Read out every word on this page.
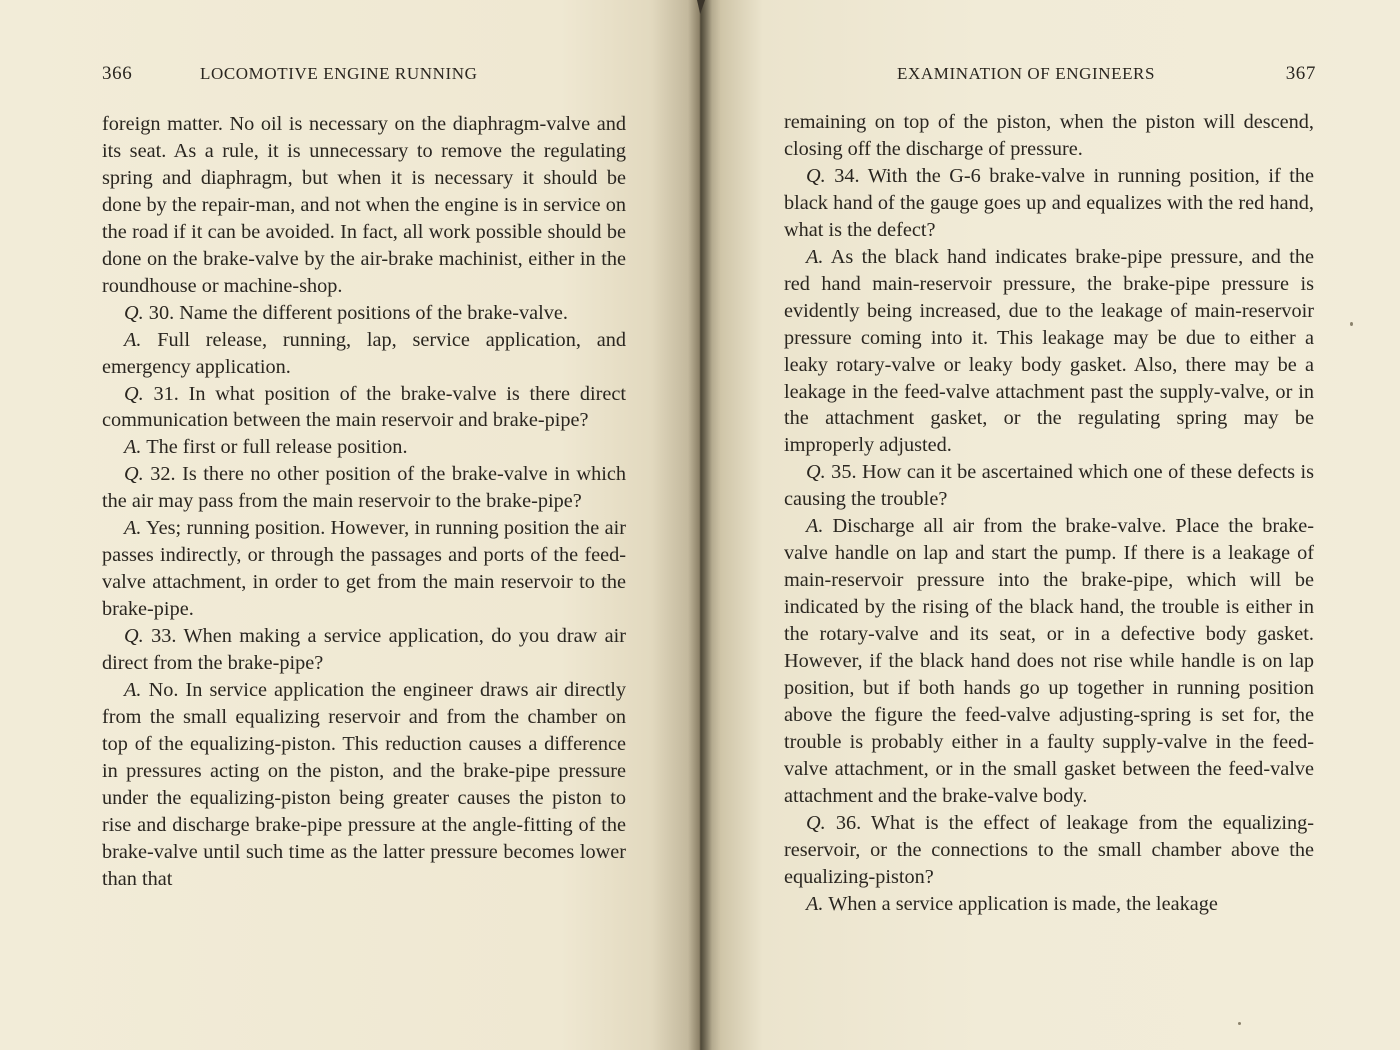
366	LOCOMOTIVE ENGINE RUNNING

foreign matter. No oil is necessary on the diaphragm-valve and its seat. As a rule, it is unnecessary to remove the regulating spring and diaphragm, but when it is necessary it should be done by the repair-man, and not when the engine is in service on the road if it can be avoided. In fact, all work possible should be done on the brake-valve by the air-brake machinist, either in the roundhouse or machine-shop.

Q. 30. Name the different positions of the brake-valve.

A. Full release, running, lap, service application, and emergency application.

Q. 31. In what position of the brake-valve is there direct communication between the main reservoir and brake-pipe?

A. The first or full release position.

Q. 32. Is there no other position of the brake-valve in which the air may pass from the main reservoir to the brake-pipe?

A. Yes; running position. However, in running position the air passes indirectly, or through the passages and ports of the feed-valve attachment, in order to get from the main reservoir to the brake-pipe.

Q. 33. When making a service application, do you draw air direct from the brake-pipe?

A. No. In service application the engineer draws air directly from the small equalizing reservoir and from the chamber on top of the equalizing-piston. This reduction causes a difference in pressures acting on the piston, and the brake-pipe pressure under the equalizing-piston being greater causes the piston to rise and discharge brake-pipe pressure at the angle-fitting of the brake-valve until such time as the latter pressure becomes lower than that

EXAMINATION OF ENGINEERS	367

remaining on top of the piston, when the piston will descend, closing off the discharge of pressure.

Q. 34. With the G-6 brake-valve in running position, if the black hand of the gauge goes up and equalizes with the red hand, what is the defect?

A. As the black hand indicates brake-pipe pressure, and the red hand main-reservoir pressure, the brake-pipe pressure is evidently being increased, due to the leakage of main-reservoir pressure coming into it. This leakage may be due to either a leaky rotary-valve or leaky body gasket. Also, there may be a leakage in the feed-valve attachment past the supply-valve, or in the attachment gasket, or the regulating spring may be improperly adjusted.

Q. 35. How can it be ascertained which one of these defects is causing the trouble?

A. Discharge all air from the brake-valve. Place the brake-valve handle on lap and start the pump. If there is a leakage of main-reservoir pressure into the brake-pipe, which will be indicated by the rising of the black hand, the trouble is either in the rotary-valve and its seat, or in a defective body gasket. However, if the black hand does not rise while handle is on lap position, but if both hands go up together in running position above the figure the feed-valve adjusting-spring is set for, the trouble is probably either in a faulty supply-valve in the feed-valve attachment, or in the small gasket between the feed-valve attachment and the brake-valve body.

Q. 36. What is the effect of leakage from the equalizing-reservoir, or the connections to the small chamber above the equalizing-piston?

A. When a service application is made, the leakage
